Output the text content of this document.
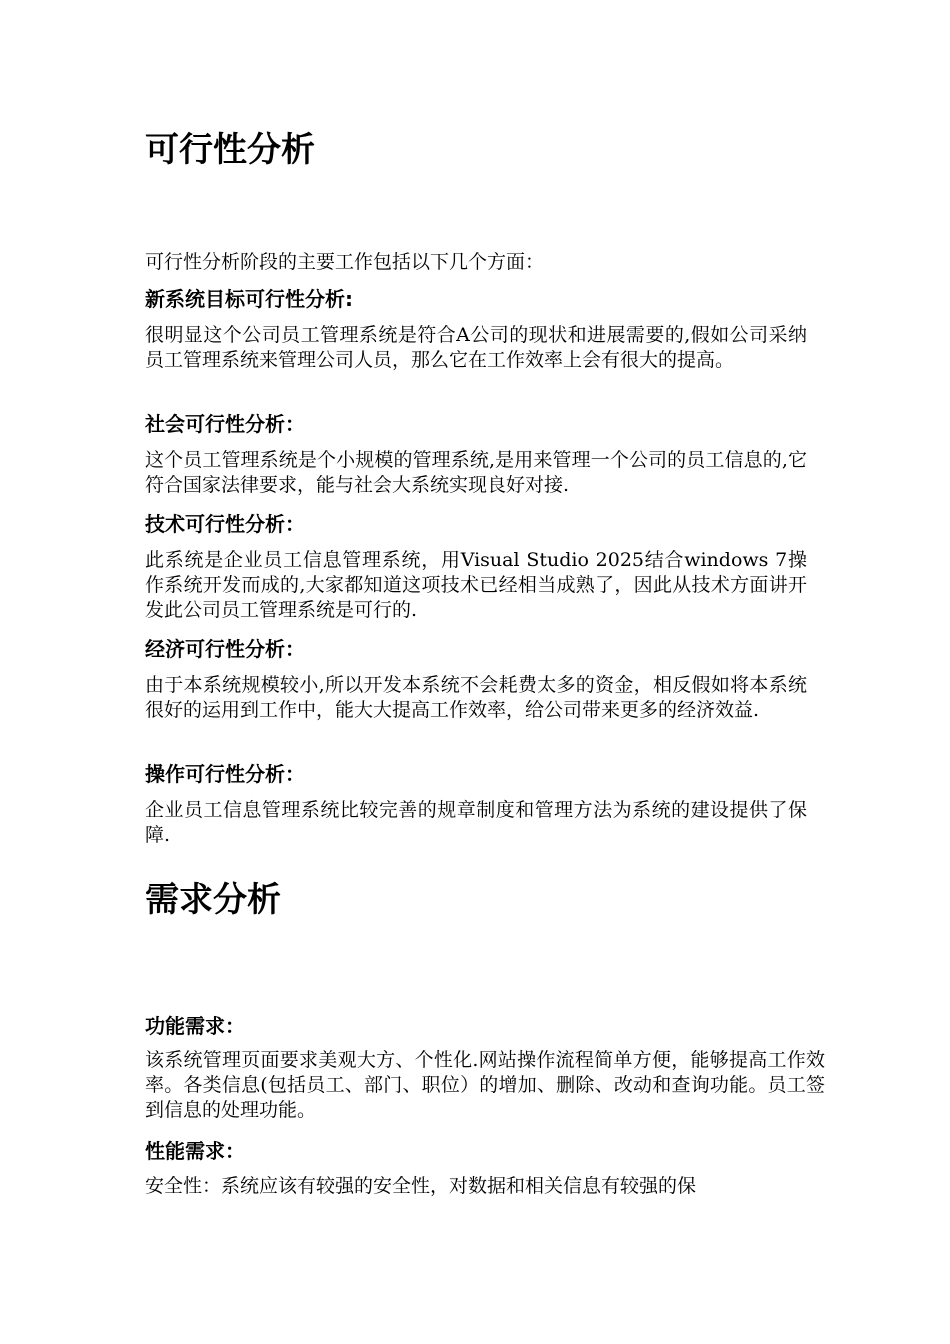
可行性分析

可行性分析阶段的主要工作包括以下几个方面：

新系统目标可行性分析:

很明显这个公司员工管理系统是符合A公司的现状和进展需要的,假如公司采纳员工管理系统来管理公司人员，那么它在工作效率上会有很大的提高。

社会可行性分析：

这个员工管理系统是个小规模的管理系统,是用来管理一个公司的员工信息的,它符合国家法律要求，能与社会大系统实现良好对接.

技术可行性分析：

此系统是企业员工信息管理系统，用Visual Studio 2025结合windows 7操作系统开发而成的,大家都知道这项技术已经相当成熟了，因此从技术方面讲开发此公司员工管理系统是可行的.

经济可行性分析：

由于本系统规模较小,所以开发本系统不会耗费太多的资金，相反假如将本系统很好的运用到工作中，能大大提高工作效率，给公司带来更多的经济效益.

操作可行性分析：

企业员工信息管理系统比较完善的规章制度和管理方法为系统的建设提供了保障.

需求分析
功能需求：

该系统管理页面要求美观大方、个性化.网站操作流程简单方便，能够提高工作效率。各类信息(包括员工、部门、职位）的增加、删除、改动和查询功能。员工签到信息的处理功能。

性能需求：

安全性：系统应该有较强的安全性，对数据和相关信息有较强的保
